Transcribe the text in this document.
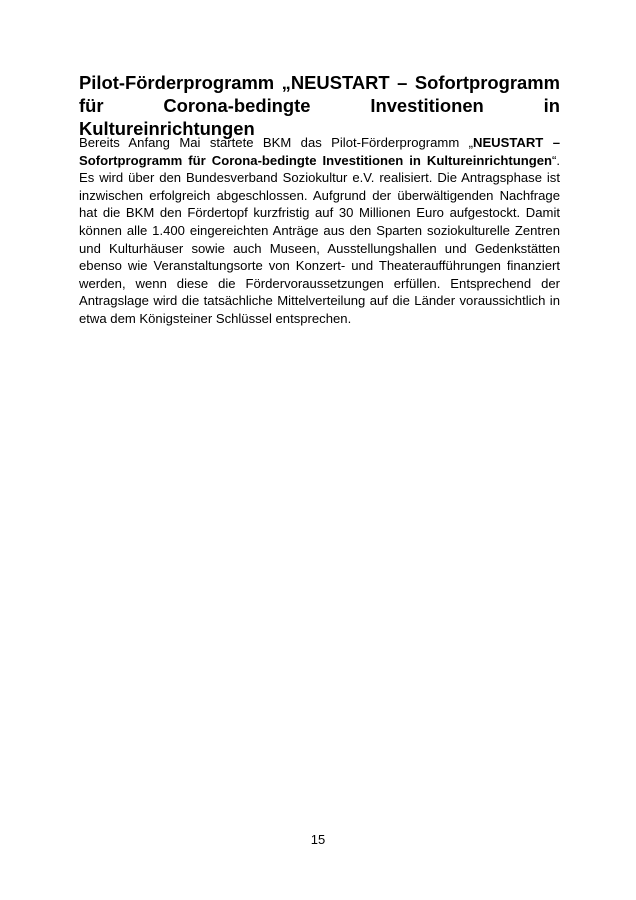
Pilot-Förderprogramm „NEUSTART – Sofortprogramm für Corona-bedingte Investitionen in Kultureinrichtungen

Bereits Anfang Mai startete BKM das Pilot-Förderprogramm „NEUSTART – Sofortprogramm für Corona-bedingte Investitionen in Kultureinrichtungen“. Es wird über den Bundesverband Soziokultur e.V. realisiert. Die Antragsphase ist inzwischen erfolgreich abgeschlossen. Aufgrund der überwältigenden Nachfrage hat die BKM den Fördertopf kurzfristig auf 30 Millionen Euro aufgestockt. Damit können alle 1.400 eingereichten Anträge aus den Sparten soziokulturelle Zentren und Kulturhäuser sowie auch Museen, Ausstellungshallen und Gedenkstätten ebenso wie Veranstaltungsorte von Konzert- und Theateraufführungen finanziert werden, wenn diese die Fördervoraussetzungen erfüllen. Entsprechend der Antragslage wird die tatsächliche Mittelverteilung auf die Länder voraussichtlich in etwa dem Königsteiner Schlüssel entsprechen.

15
